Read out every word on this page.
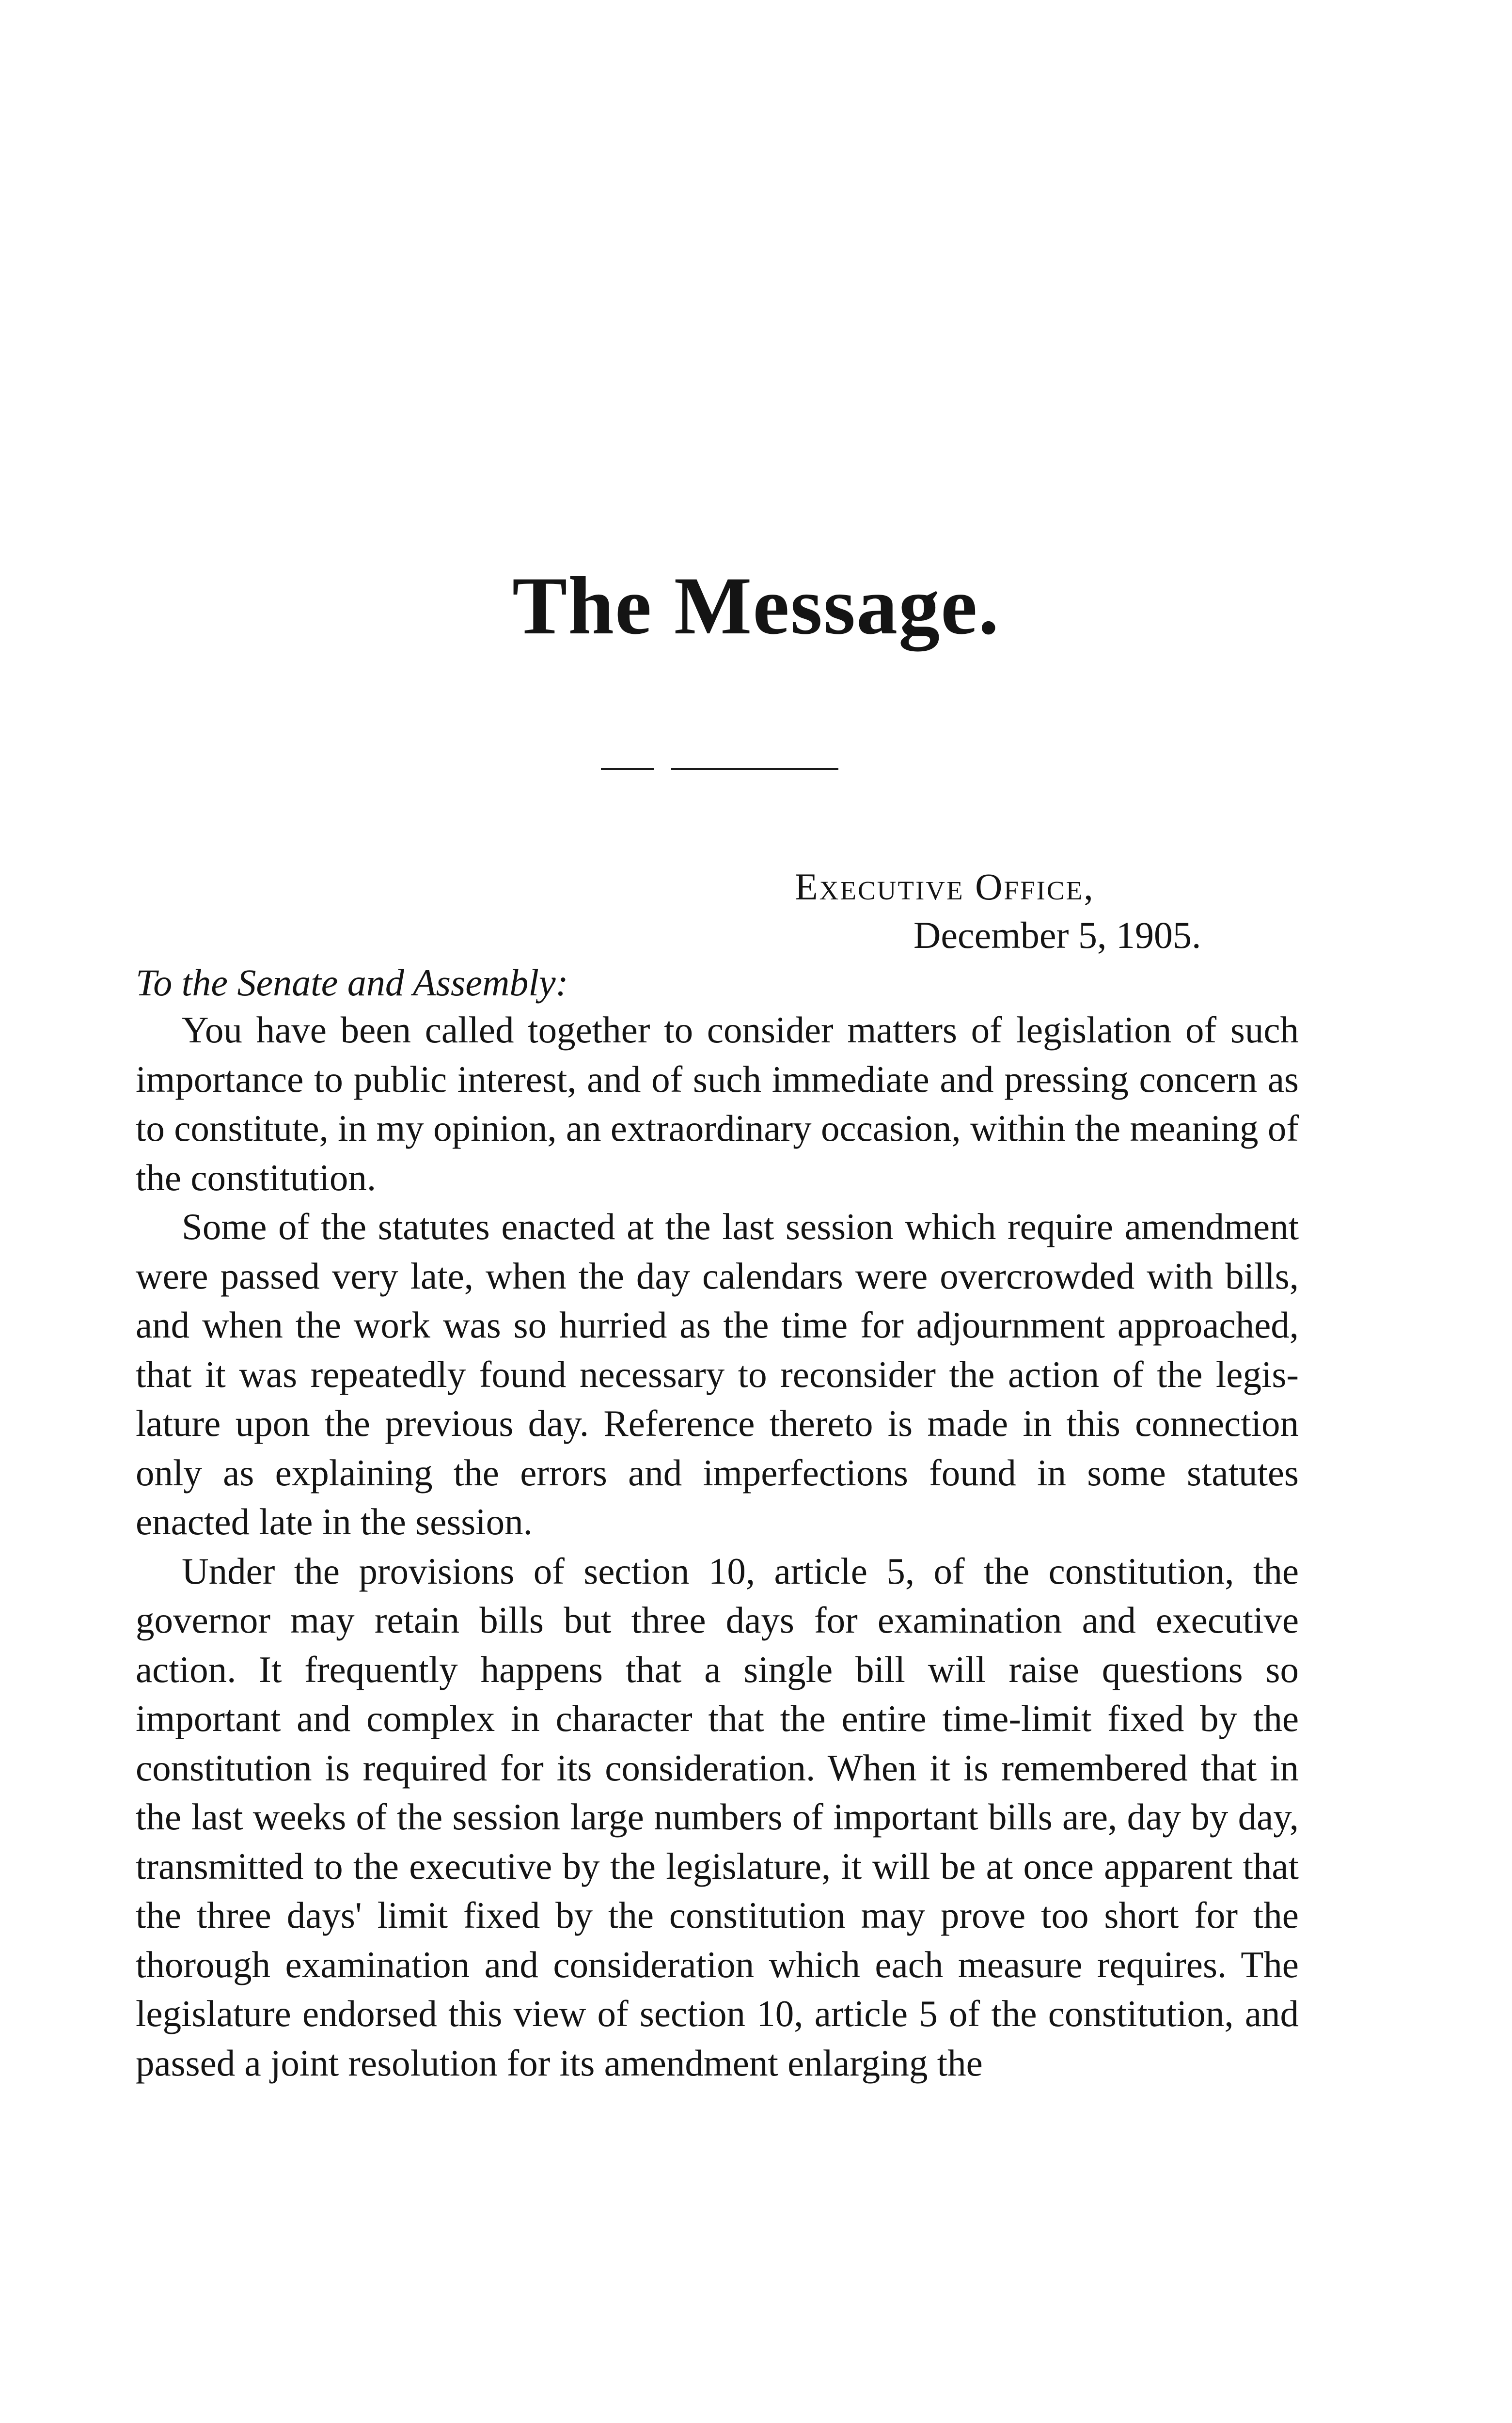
The Message.
Executive Office,
December 5, 1905.
To the Senate and Assembly:

You have been called together to consider matters of legislation of such importance to public interest, and of such immediate and pressing concern as to constitute, in my opinion, an extraordinary occasion, within the meaning of the constitution.

Some of the statutes enacted at the last session which require amendment were passed very late, when the day calendars were overcrowded with bills, and when the work was so hurried as the time for adjournment approached, that it was repeatedly found necessary to reconsider the action of the legislature upon the previous day. Reference thereto is made in this connection only as explaining the errors and imperfections found in some statutes enacted late in the session.

Under the provisions of section 10, article 5, of the constitution, the governor may retain bills but three days for examination and executive action. It frequently happens that a single bill will raise questions so important and complex in character that the entire time-limit fixed by the constitution is required for its consideration. When it is remembered that in the last weeks of the session large numbers of important bills are, day by day, transmitted to the executive by the legislature, it will be at once apparent that the three days' limit fixed by the constitution may prove too short for the thorough examination and consideration which each measure requires. The legislature endorsed this view of section 10, article 5 of the constitution, and passed a joint resolution for its amendment enlarging the
